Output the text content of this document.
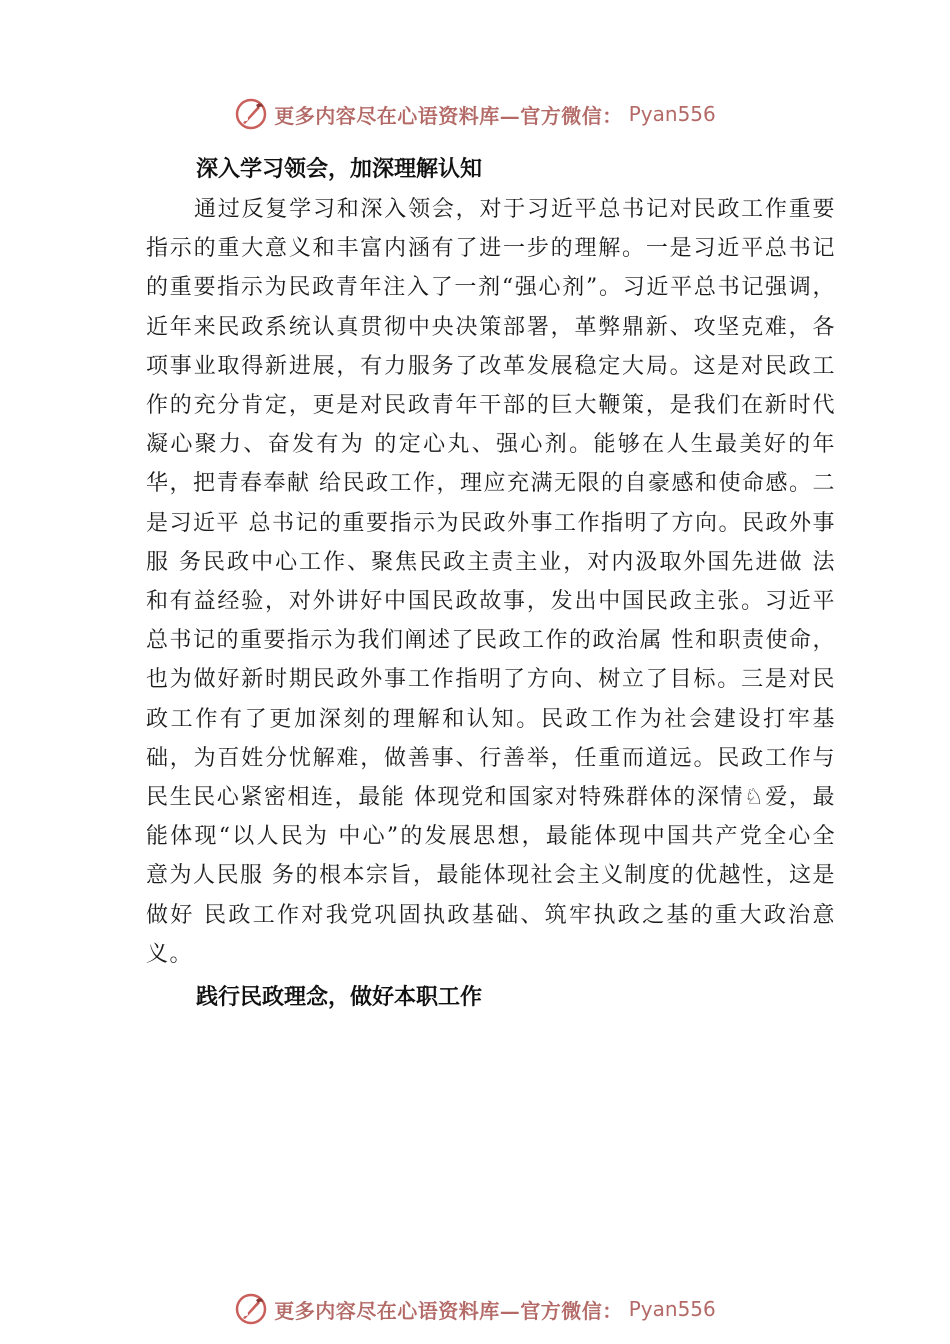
更多内容尽在心语资料库—官方微信： Pyan556
深入学习领会，加深理解认知

通过反复学习和深入领会，对于习近平总书记对民政工作重要指示的重大意义和丰富内涵有了进一步的理解。一是习近平总书记的重要指示为民政青年注入了一剂“强心剂”。习近平总书记强调，近年来民政系统认真贯彻中央决策部署，革弊鼎新、攻坚克难，各项事业取得新进展，有力服务了改革发展稳定大局。这是对民政工作的充分肯定，更是对民政青年干部的巨大鞭策，是我们在新时代凝心聚力、奋发有为 的定心丸、强心剂。能够在人生最美好的年华，把青春奉献 给民政工作，理应充满无限的自豪感和使命感。二是习近平 总书记的重要指示为民政外事工作指明了方向。民政外事服 务民政中心工作、聚焦民政主责主业，对内汲取外国先进做 法和有益经验，对外讲好中国民政故事，发出中国民政主张。习近平总书记的重要指示为我们阐述了民政工作的政治属 性和职责使命，也为做好新时期民政外事工作指明了方向、树立了目标。三是对民政工作有了更加深刻的理解和认知。民政工作为社会建设打牢基础，为百姓分忧解难，做善事、行善举，任重而道远。民政工作与民生民心紧密相连，最能 体现党和国家对特殊群体的深情♘爱，最能体现“以人民为 中心”的发展思想，最能体现中国共产党全心全意为人民服 务的根本宗旨，最能体现社会主义制度的优越性，这是做好 民政工作对我党巩固执政基础、筑牢执政之基的重大政治意 义。

践行民政理念，做好本职工作
更多内容尽在心语资料库—官方微信： Pyan556
